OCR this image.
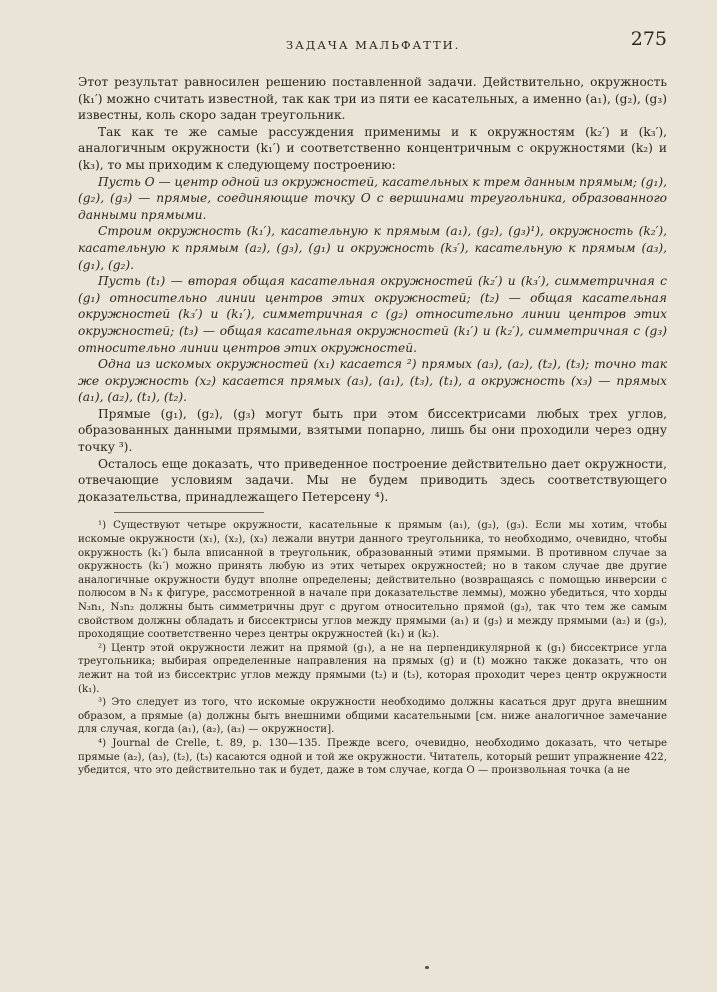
ЗАДАЧА МАЛЬФАТТИ.	275

Этот результат равносилен решению поставленной задачи. Действительно, окружность (k₁′) можно считать известной, так как три из пяти ее касательных, а именно (a₁), (g₂), (g₃) известны, коль скоро задан треугольник.

Так как те же самые рассуждения применимы и к окружностям (k₂′) и (k₃′), аналогичным окружности (k₁′) и соответственно концентричным с окружностями (k₂) и (k₃), то мы приходим к следующему построению:

Пусть O — центр одной из окружностей, касательных к трем данным прямым; (g₁), (g₂), (g₃) — прямые, соединяющие точку O с вершинами треугольника, образованного данными прямыми.

Строим окружность (k₁′), касательную к прямым (a₁), (g₂), (g₃)¹), окружность (k₂′), касательную к прямым (a₂), (g₃), (g₁) и окружность (k₃′), касательную к прямым (a₃), (g₁), (g₂).

Пусть (t₁) — вторая общая касательная окружностей (k₂′) и (k₃′), симметричная с (g₁) относительно линии центров этих окружностей; (t₂) — общая касательная окружностей (k₃′) и (k₁′), симметричная с (g₂) относительно линии центров этих окружностей; (t₃) — общая касательная окружностей (k₁′) и (k₂′), симметричная с (g₃) относительно линии центров этих окружностей.

Одна из искомых окружностей (x₁) касается ²) прямых (a₃), (a₂), (t₂), (t₃); точно так же окружность (x₂) касается прямых (a₃), (a₁), (t₃), (t₁), а окружность (x₃) — прямых (a₁), (a₂), (t₁), (t₂).

Прямые (g₁), (g₂), (g₃) могут быть при этом биссектрисами любых трех углов, образованных данными прямыми, взятыми попарно, лишь бы они проходили через одну точку ³).

Осталось еще доказать, что приведенное построение действительно дает окружности, отвечающие условиям задачи. Мы не будем приводить здесь соответствующего доказательства, принадлежащего Петерсену ⁴).

¹) Существуют четыре окружности, касательные к прямым (a₁), (g₂), (g₃). Если мы хотим, чтобы искомые окружности (x₁), (x₂), (x₃) лежали внутри данного треугольника, то необходимо, очевидно, чтобы окружность (k₁′) была вписанной в треугольник, образованный этими прямыми. В противном случае за окружность (k₁′) можно принять любую из этих четырех окружностей; но в таком случае две другие аналогичные окружности будут вполне определены; действительно (возвращаясь с помощью инверсии с полюсом в N₃ к фигуре, рассмотренной в начале при доказательстве леммы), можно убедиться, что хорды N₃n₁, N₃n₂ должны быть симметричны друг с другом относительно прямой (g₃), так что тем же самым свойством должны обладать и биссектрисы углов между прямыми (a₁) и (g₃) и между прямыми (a₂) и (g₃), проходящие соответственно через центры окружностей (k₁) и (k₂).

²) Центр этой окружности лежит на прямой (g₁), а не на перпендикулярной к (g₁) биссектрисе угла треугольника; выбирая определенные направления на прямых (g) и (t) можно также доказать, что он лежит на той из биссектрис углов между прямыми (t₂) и (t₃), которая проходит через центр окружности (k₁).

³) Это следует из того, что искомые окружности необходимо должны касаться друг друга внешним образом, а прямые (a) должны быть внешними общими касательными [см. ниже аналогичное замечание для случая, когда (a₁), (a₂), (a₃) — окружности].

⁴) Journal de Crelle, t. 89, p. 130—135. Прежде всего, очевидно, необходимо доказать, что четыре прямые (a₂), (a₃), (t₂), (t₃) касаются одной и той же окружности. Читатель, который решит упражнение 422, убедится, что это действительно так и будет, даже в том случае, когда O — произвольная точка (а не
